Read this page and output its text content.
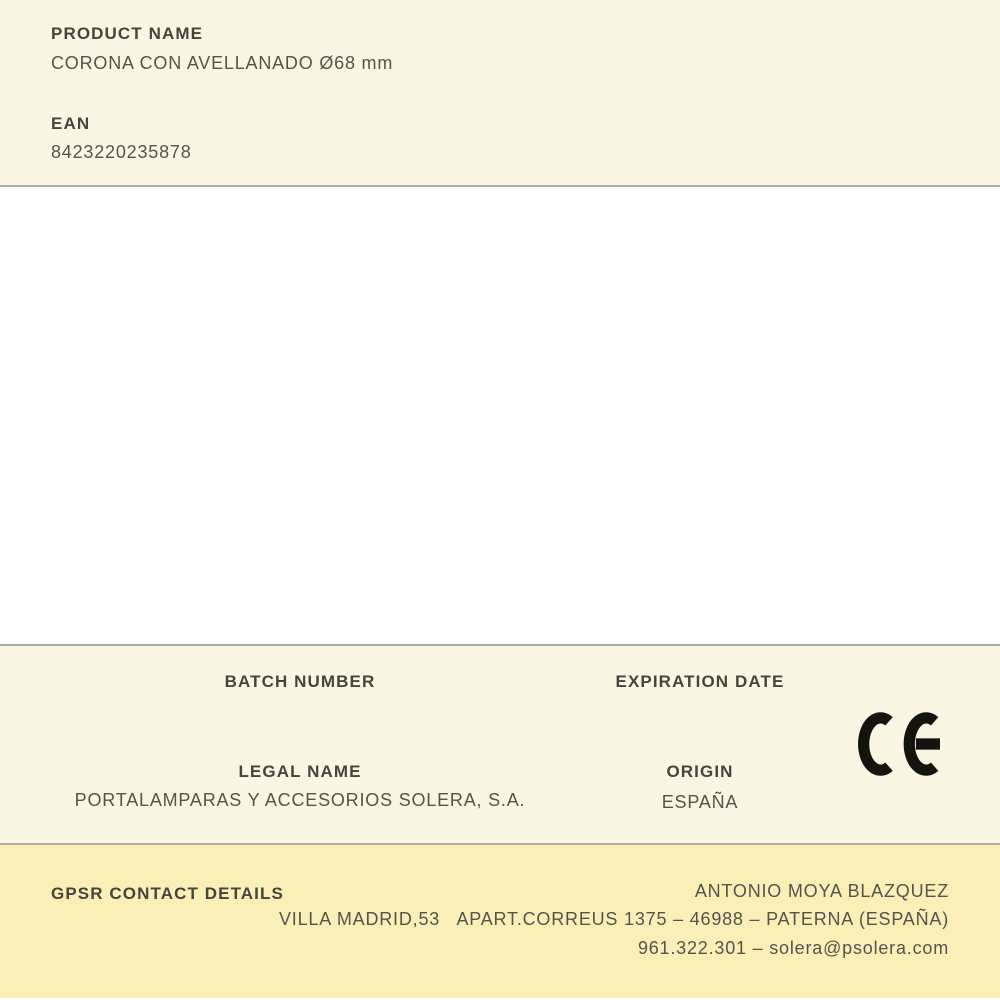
PRODUCT NAME
CORONA CON AVELLANADO Ø68 mm
EAN
8423220235878
BATCH NUMBER	EXPIRATION DATE
LEGAL NAME
PORTALAMPARAS Y ACCESORIOS SOLERA, S.A.
ORIGIN
ESPAÑA
GPSR CONTACT DETAILS	ANTONIO MOYA BLAZQUEZ
VILLA MADRID,53   APART.CORREUS 1375 – 46988 – PATERNA (ESPAÑA)
961.322.301 – solera@psolera.com
